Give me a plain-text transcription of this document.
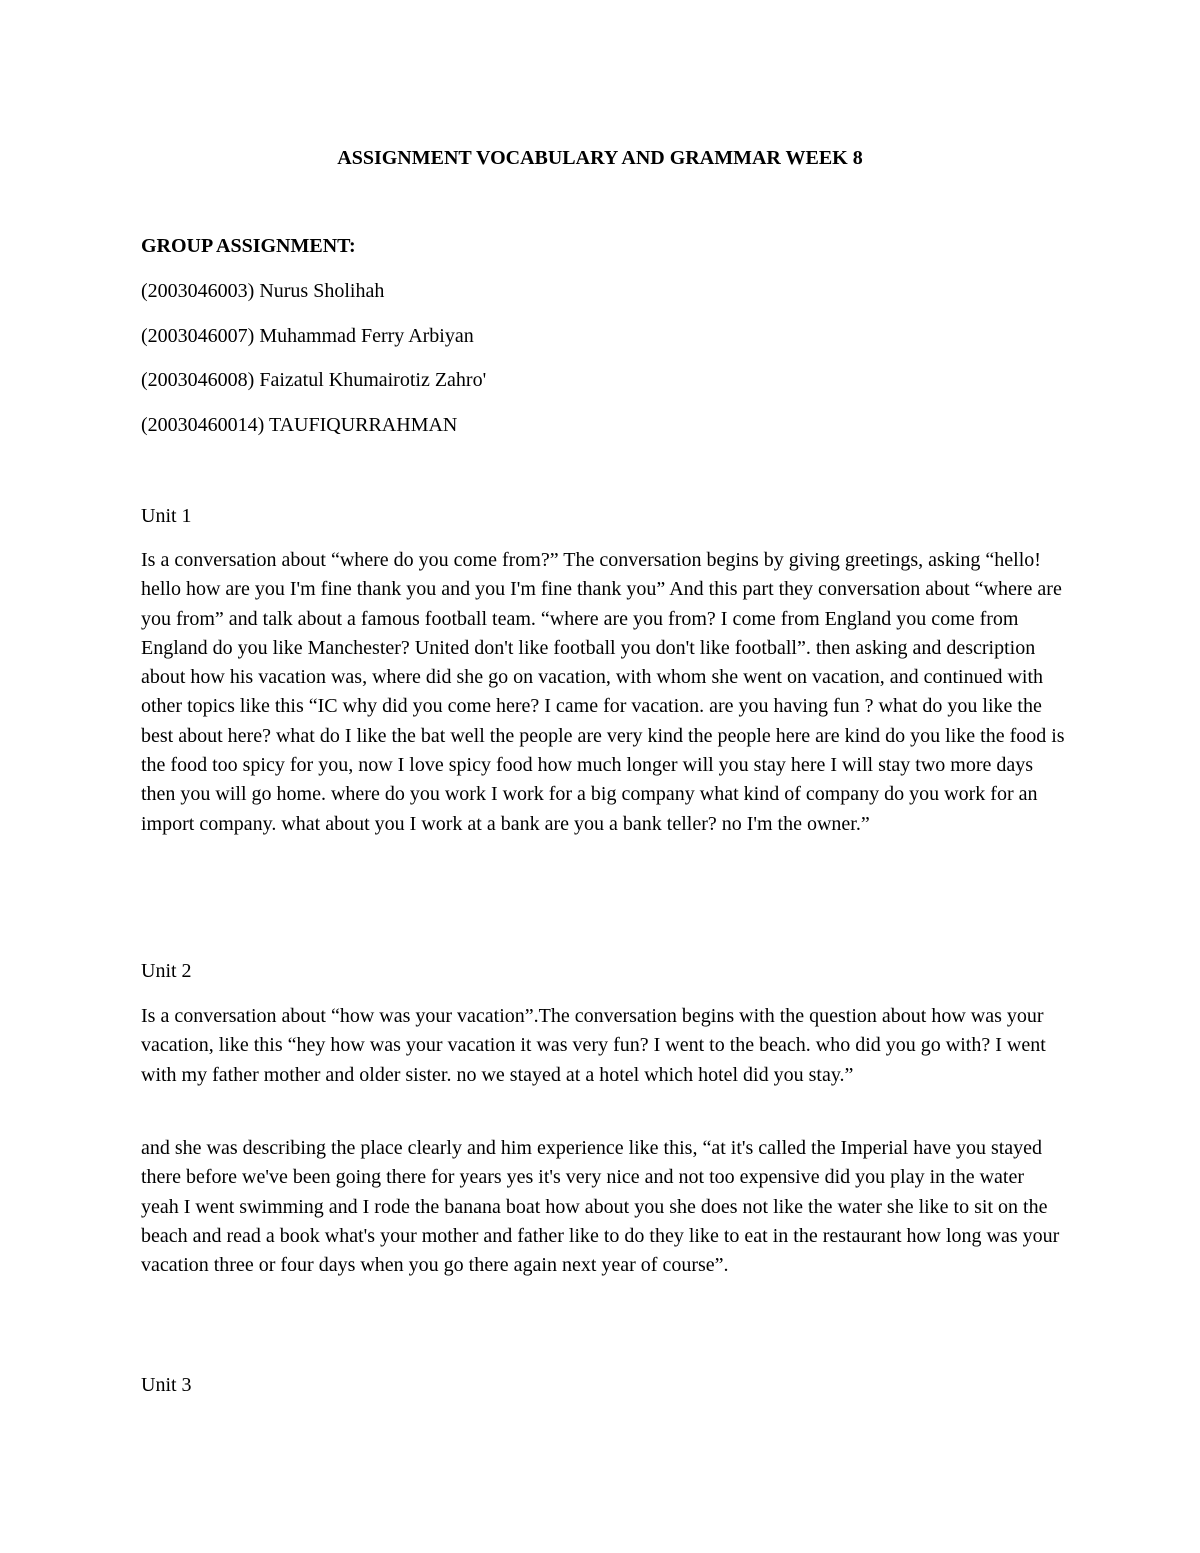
ASSIGNMENT VOCABULARY AND GRAMMAR WEEK 8

GROUP ASSIGNMENT:

(2003046003) Nurus Sholihah

(2003046007) Muhammad Ferry Arbiyan

(2003046008) Faizatul Khumairotiz Zahro'

(20030460014) TAUFIQURRAHMAN

Unit 1

Is a conversation about “where do you come from?” The conversation begins by giving greetings, asking “hello! hello how are you I'm fine thank you and you I'm fine thank you” And this part they conversation about “where are you from” and talk about a famous football team. “where are you from? I come from England you come from England do you like Manchester? United don't like football you don't like football”. then asking and description about how his vacation was, where did she go on vacation, with whom she went on vacation, and continued with other topics like this “IC why did you come here? I came for vacation. are you having fun ? what do you like the best about here? what do I like the bat well the people are very kind the people here are kind do you like the food is the food too spicy for you, now I love spicy food how much longer will you stay here I will stay two more days then you will go home. where do you work I work for a big company what kind of company do you work for an import company. what about you I work at a bank are you a bank teller? no I'm the owner.”

Unit 2

Is a conversation about “how was your vacation”.The conversation begins with the question about how was your vacation, like this “hey how was your vacation it was very fun? I went to the beach. who did you go with? I went with my father mother and older sister. no we stayed at a hotel which hotel did you stay.”

and she was describing the place clearly and him experience like this, “at it's called the Imperial have you stayed there before we've been going there for years yes it's very nice and not too expensive did you play in the water yeah I went swimming and I rode the banana boat how about you she does not like the water she like to sit on the beach and read a book what's your mother and father like to do they like to eat in the restaurant how long was your vacation three or four days when you go there again next year of course”.

Unit 3
